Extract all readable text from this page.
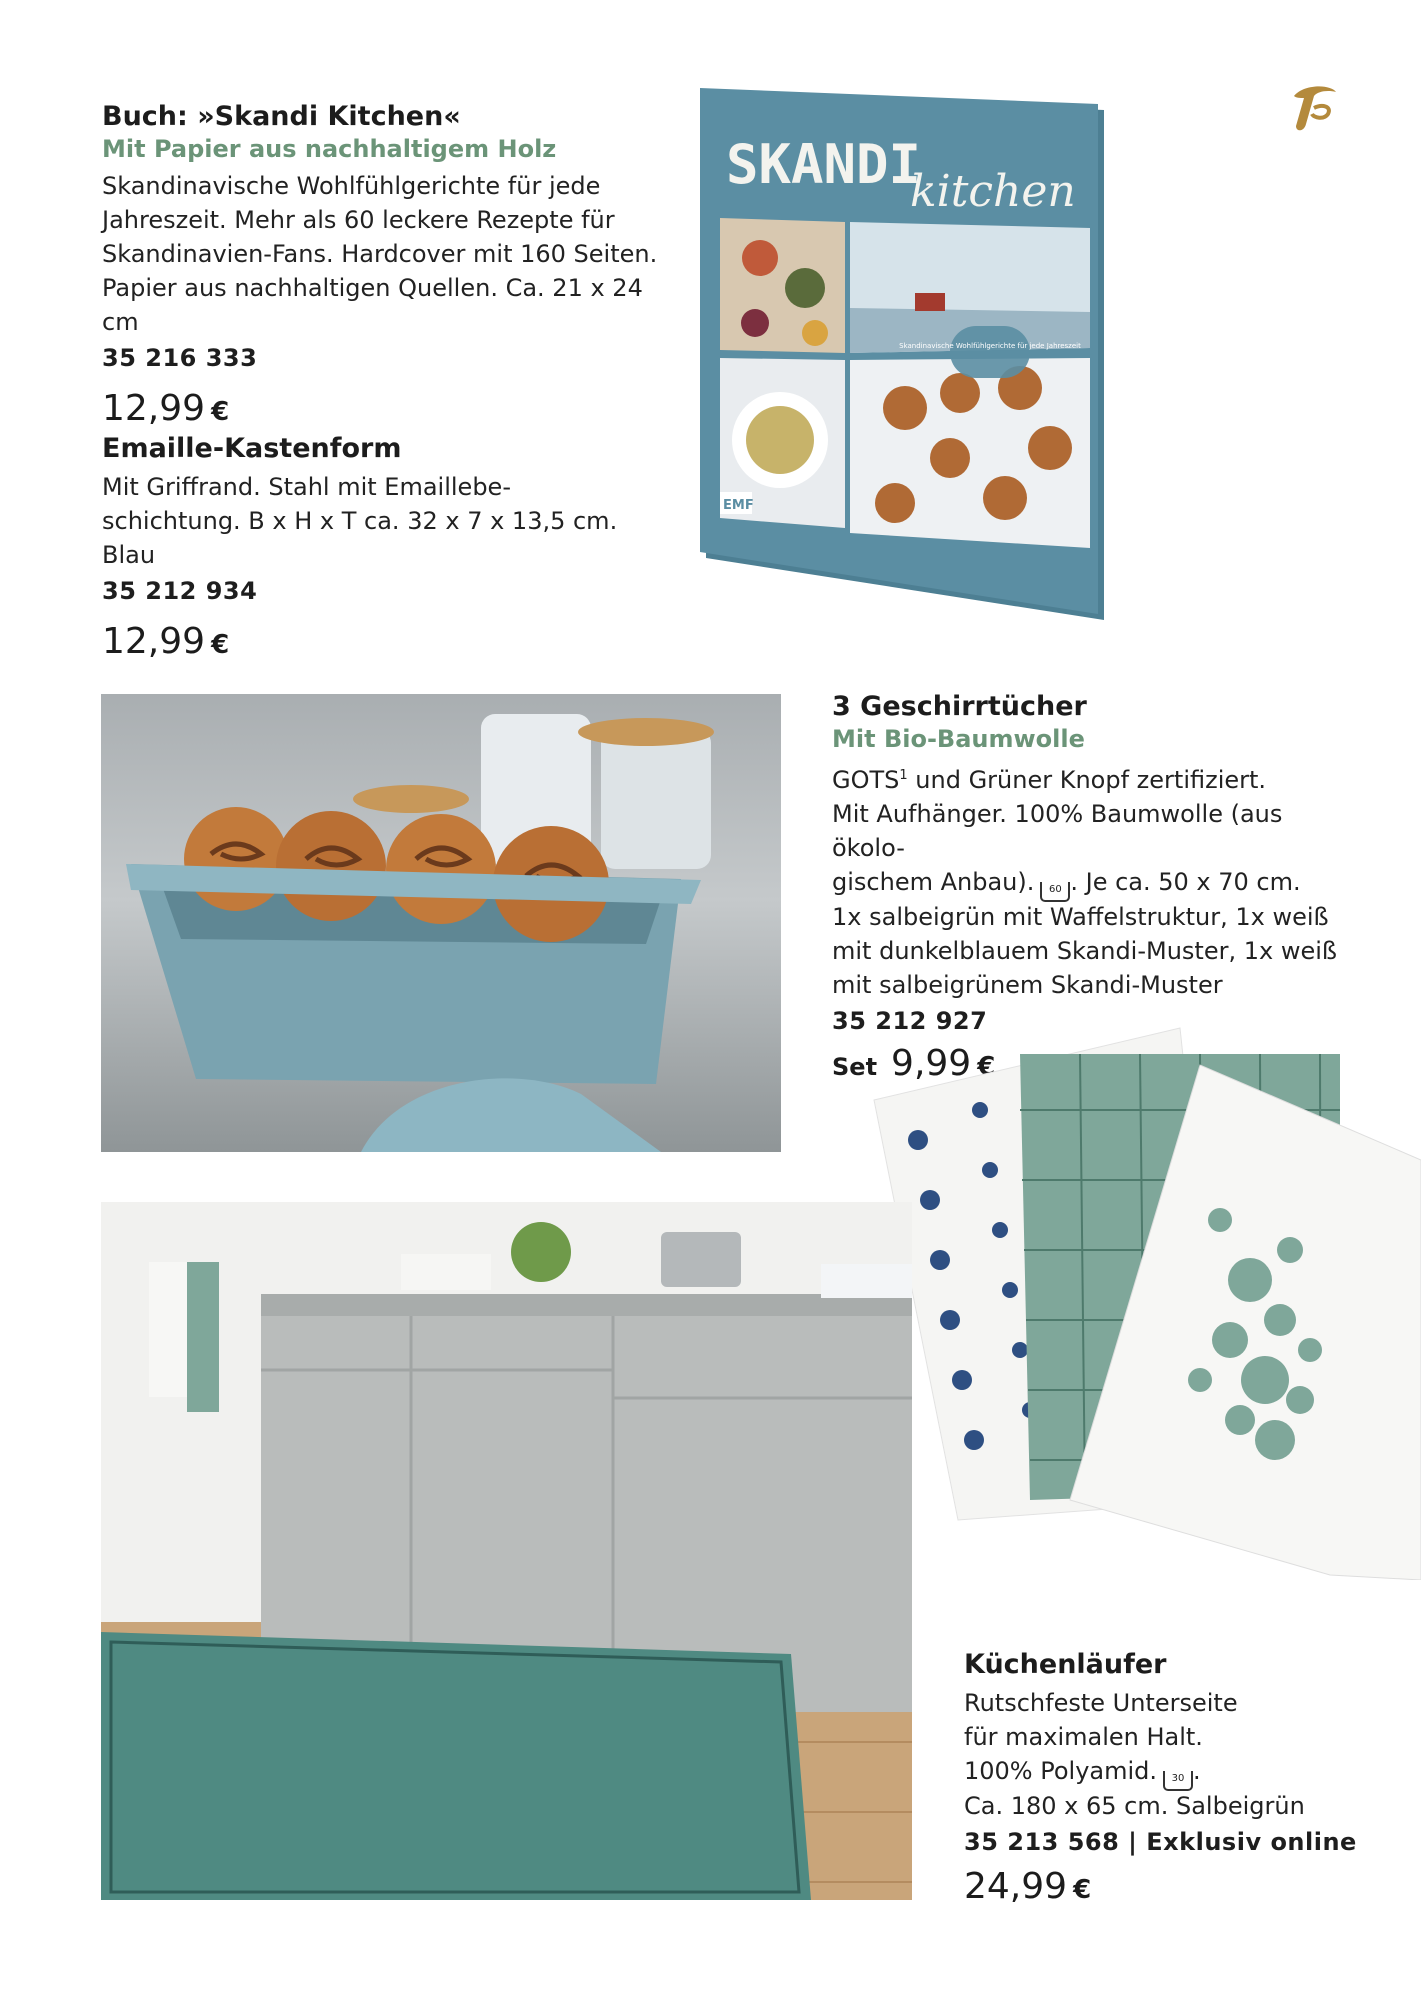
Buch: »Skandi Kitchen«
Mit Papier aus nachhaltigem Holz

Skandinavische Wohlfühlgerichte für jede
Jahreszeit. Mehr als 60 leckere Rezepte für
Skandinavien-Fans. Hardcover mit 160 Seiten.
Papier aus nachhaltigen Quellen. Ca. 21 x 24 cm

35 216 333
12,99 €
Emaille-Kastenform

Mit Griffrand. Stahl mit Emaillebe-
schichtung. B x H x T ca. 32 x 7 x 13,5 cm.
Blau

35 212 934
12,99 €
Skandinavische Wohlfühlgerichte für jede Jahreszeit
SKANDI
kitchen
EMF
3 Geschirrtücher
Mit Bio-Baumwolle

GOTS$^1$ und Grüner Knopf zertifiziert.
Mit Aufhänger. 100% Baumwolle (aus ökolo-
gischem Anbau). 60 . Je ca. 50 x 70 cm.
1x salbeigrün mit Waffelstruktur, 1x weiß
mit dunkelblauem Skandi-Muster, 1x weiß
mit salbeigrünem Skandi-Muster

35 212 927
Set 9,99 €
Küchenläufer

Rutschfeste Unterseite
für maximalen Halt.
100% Polyamid. 30 .
Ca. 180 x 65 cm. Salbeigrün

35 213 568 | Exklusiv online
24,99 €
